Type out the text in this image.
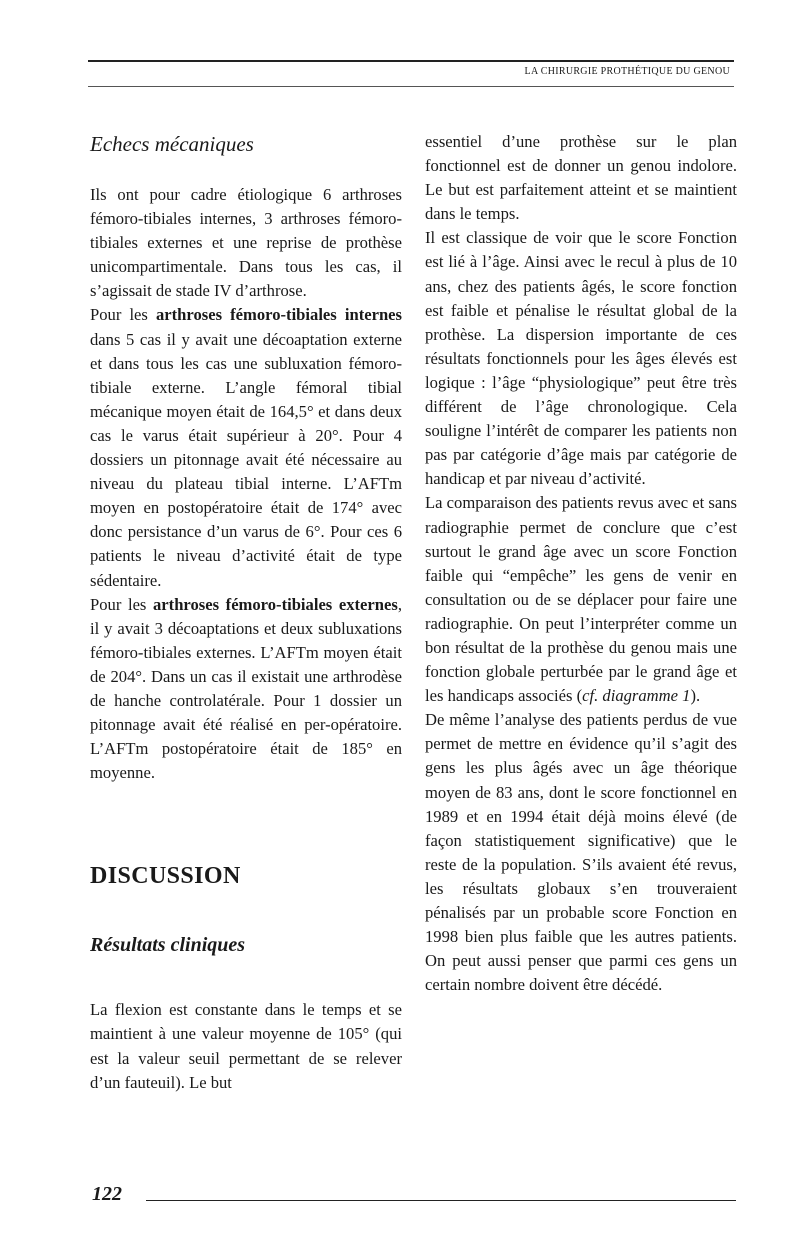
LA CHIRURGIE PROTHÉTIQUE DU GENOU
Echecs mécaniques

Ils ont pour cadre étiologique 6 arthroses fémoro-tibiales internes, 3 arthroses fémoro-tibiales externes et une reprise de prothèse unicompartimentale. Dans tous les cas, il s’agissait de stade IV d’arthrose.

Pour les arthroses fémoro-tibiales internes dans 5 cas il y avait une décoaptation externe et dans tous les cas une subluxation fémoro-tibiale externe. L’angle fémoral tibial mécanique moyen était de 164,5° et dans deux cas le varus était supérieur à 20°. Pour 4 dossiers un pitonnage avait été nécessaire au niveau du plateau tibial interne. L’AFTm moyen en postopératoire était de 174° avec donc persistance d’un varus de 6°. Pour ces 6 patients le niveau d’activité était de type sédentaire.

Pour les arthroses fémoro-tibiales externes, il y avait 3 décoaptations et deux subluxations fémoro-tibiales externes. L’AFTm moyen était de 204°. Dans un cas il existait une arthrodèse de hanche controlatérale. Pour 1 dossier un pitonnage avait été réalisé en per-opératoire. L’AFTm postopératoire était de 185° en moyenne.

DISCUSSION
Résultats cliniques

La flexion est constante dans le temps et se maintient à une valeur moyenne de 105° (qui est la valeur seuil permettant de se relever d’un fauteuil). Le but

essentiel d’une prothèse sur le plan fonctionnel est de donner un genou indolore. Le but est parfaitement atteint et se maintient dans le temps.

Il est classique de voir que le score Fonction est lié à l’âge. Ainsi avec le recul à plus de 10 ans, chez des patients âgés, le score fonction est faible et pénalise le résultat global de la prothèse. La dispersion importante de ces résultats fonctionnels pour les âges élevés est logique : l’âge “physiologique” peut être très différent de l’âge chronologique. Cela souligne l’intérêt de comparer les patients non pas par catégorie d’âge mais par catégorie de handicap et par niveau d’activité.

La comparaison des patients revus avec et sans radiographie permet de conclure que c’est surtout le grand âge avec un score Fonction faible qui “empêche” les gens de venir en consultation ou de se déplacer pour faire une radiographie. On peut l’interpréter comme un bon résultat de la prothèse du genou mais une fonction globale perturbée par le grand âge et les handicaps associés (cf. diagramme 1).

De même l’analyse des patients perdus de vue permet de mettre en évidence qu’il s’agit des gens les plus âgés avec un âge théorique moyen de 83 ans, dont le score fonctionnel en 1989 et en 1994 était déjà moins élevé (de façon statistiquement significative) que le reste de la population. S’ils avaient été revus, les résultats globaux s’en trouveraient pénalisés par un probable score Fonction en 1998 bien plus faible que les autres patients. On peut aussi penser que parmi ces gens un certain nombre doivent être décédé.

122
